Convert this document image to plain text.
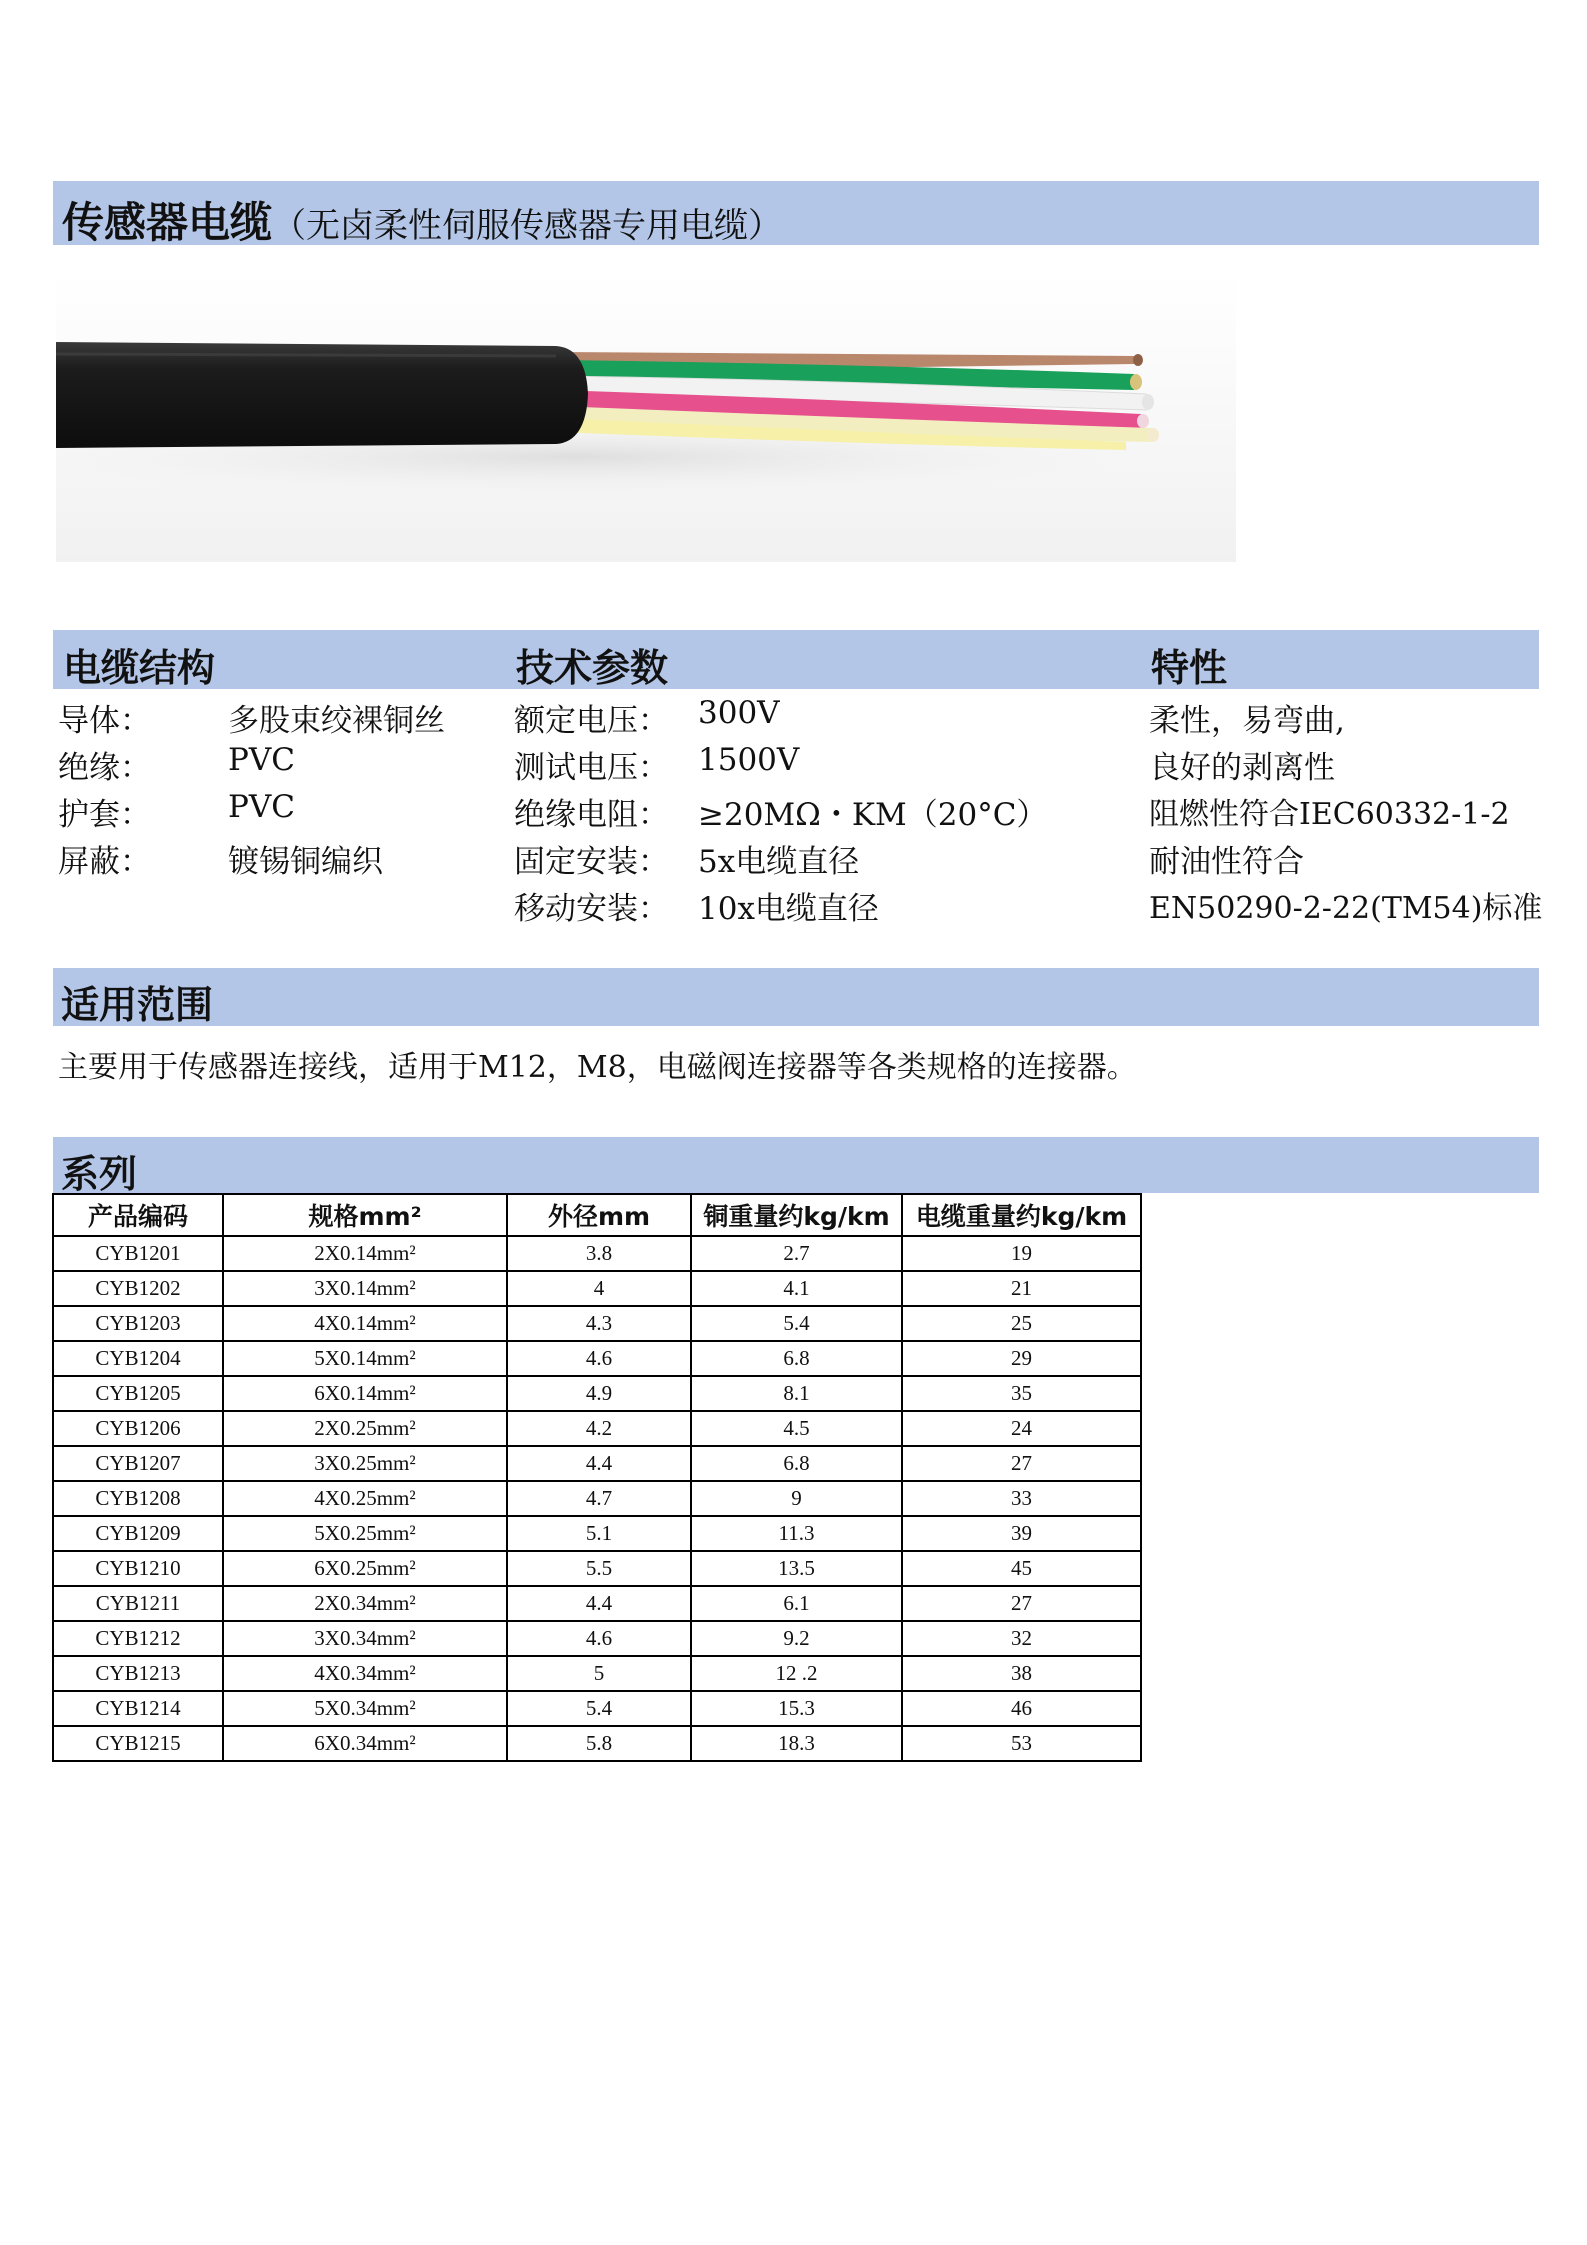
传感器电缆（无卤柔性伺服传感器专用电缆）
电缆结构	技术参数	特性
导体： 多股束绞裸铜丝
绝缘： PVC
护套： PVC
屏蔽： 镀锡铜编织
额定电压： 300V
测试电压： 1500V
绝缘电阻： ≥20MΩ・KM（20°C）
固定安装： 5x电缆直径
移动安装： 10x电缆直径
柔性，易弯曲,
良好的剥离性
阻燃性符合IEC60332-1-2
耐油性符合
EN50290-2-22(TM54)标准
适用范围
主要用于传感器连接线，适用于M12，M8，电磁阀连接器等各类规格的连接器。
系列
产品编码	规格mm²	外径mm	铜重量约kg/km	电缆重量约kg/km
CYB1201	2X0.14mm²	3.8	2.7	19
CYB1202	3X0.14mm²	4	4.1	21
CYB1203	4X0.14mm²	4.3	5.4	25
CYB1204	5X0.14mm²	4.6	6.8	29
CYB1205	6X0.14mm²	4.9	8.1	35
CYB1206	2X0.25mm²	4.2	4.5	24
CYB1207	3X0.25mm²	4.4	6.8	27
CYB1208	4X0.25mm²	4.7	9	33
CYB1209	5X0.25mm²	5.1	11.3	39
CYB1210	6X0.25mm²	5.5	13.5	45
CYB1211	2X0.34mm²	4.4	6.1	27
CYB1212	3X0.34mm²	4.6	9.2	32
CYB1213	4X0.34mm²	5	12 .2	38
CYB1214	5X0.34mm²	5.4	15.3	46
CYB1215	6X0.34mm²	5.8	18.3	53
